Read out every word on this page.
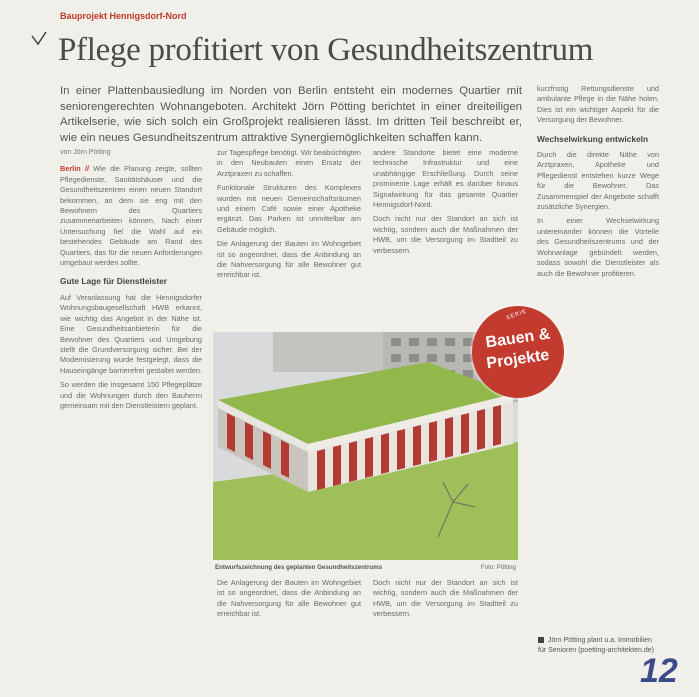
Bauprojekt Hennigsdorf-Nord
Pflege profitiert von Gesundheitszentrum
In einer Plattenbausiedlung im Norden von Berlin entsteht ein modernes Quartier mit seniorengerechten Wohnangeboten. Architekt Jörn Pötting berichtet in einer dreiteiligen Artikelserie, wie sich solch ein Großprojekt realisieren lässt. Im dritten Teil beschreibt er, wie ein neues Gesundheitszentrum attraktive Synergiemöglichkeiten schaffen kann.
von Jörn Pötting

Berlin // Wie die Planung zeigte, sollten Pflegedienste, Sanitätshäuser und die Gesundheitszentren einen neuen Standort bekommen, an dem sie eng mit den Bewohnern des Quartiers zusammenarbeiten können. Nach einer Untersuchung fiel die Wahl auf ein bestehendes Gebäude am Rand des Quartiers, das für die neuen Anforderungen umgebaut werden sollte.

Gute Lage für Dienstleister

Auf Veranlassung hat die Hennigsdorfer Wohnungsbaugesellschaft HWB erkannt, wie wichtig das Angebot in der Nähe ist. Eine Gesundheitsanbieterin für die Bewohner des Quartiers und Umgebung stellt die Grundversorgung sicher. Bei der Modernisierung wurde festgelegt, dass die Hauseingänge barrierefrei gestaltet werden.

So werden die insgesamt 150 Pflegeplätze und die Wohnungen durch den Bauherrn gemeinsam mit den Dienstleistern geplant.

zur Tagespflege benötigt. Wir beabsichtigten in den Neubauten einen Ersatz der Arztpraxen zu schaffen.

Funktionale Strukturen des Komplexes wurden mit neuen Gemeinschaftsräumen und einem Café sowie einer Apotheke ergänzt. Das Parken ist unmittelbar am Gebäude möglich.

Die Anlagerung der Bauten im Wohngebiet ist so angeordnet, dass die Anbindung an die Nahversorgung für alle Bewohner gut erreichbar ist.

andere Standorte bietet eine moderne technische Infrastruktur und eine unabhängige Erschließung. Durch seine prominente Lage erhält es darüber hinaus Signalwirkung für das gesamte Quartier Hennigsdorf-Nord.

Doch nicht nur der Standort an sich ist wichtig, sondern auch die Maßnahmen der HWB, um die Versorgung im Stadtteil zu verbessern.

kurzfristig Rettungsdienste und ambulante Pflege in die Nähe holen. Dies ist ein wichtiger Aspekt für die Versorgung der Bewohner.

Wechselwirkung entwickeln

Durch die direkte Nähe von Arztpraxen, Apotheke und Pflegedienst entstehen kurze Wege für die Bewohner. Das Zusammenspiel der Angebote schafft zusätzliche Synergien.

In einer Wechselwirkung untereinander können die Vorteile des Gesundheitszentrums und der Wohnanlage gebündelt werden, sodass sowohl die Dienstleister als auch die Bewohner profitieren.

Entwurfszeichnung des geplanten Gesundheitszentrums	Foto: Pötting

Die Anlagerung der Bauten im Wohngebiet ist so angeordnet, dass die Anbindung an die Nahversorgung für alle Bewohner gut erreichbar ist.

Doch nicht nur der Standort an sich ist wichtig, sondern auch die Maßnahmen der HWB, um die Versorgung im Stadtteil zu verbessern.

Bauen &
Projekte
SERIE
Jörn Pötting plant u.a. Immobilien für Senioren (poetting-architekten.de)
12
